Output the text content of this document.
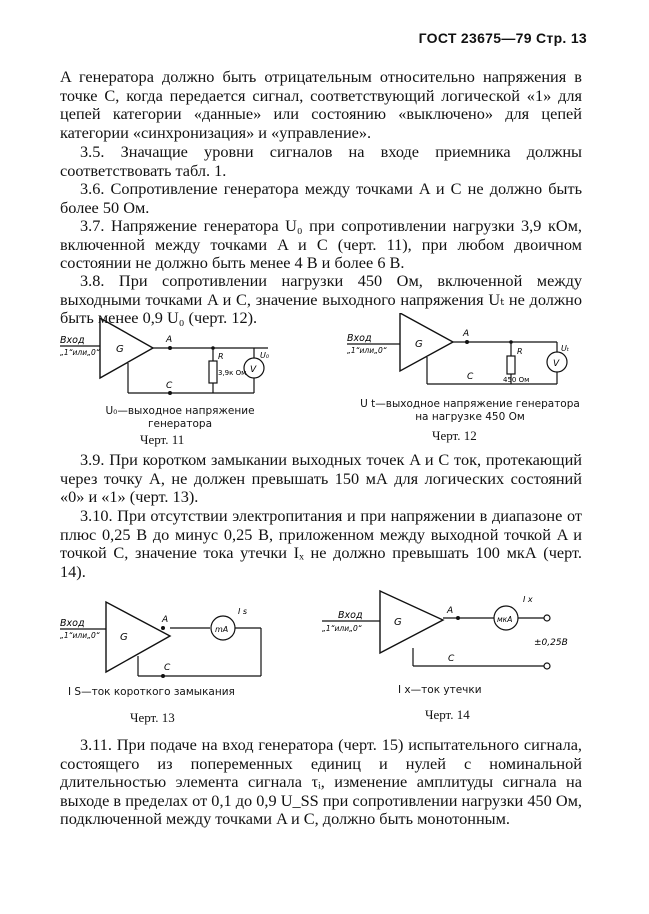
ГОСТ 23675—79 Стр. 13

A генератора должно быть отрицательным относительно напряжения в точке C, когда передается сигнал, соответствующий логической «1» для цепей категории «данные» или состоянию «выключено» для цепей категории «синхронизация» и «управление».

3.5. Значащие уровни сигналов на входе приемника должны соответствовать табл. 1.

3.6. Сопротивление генератора между точками A и C не должно быть более 50 Ом.

3.7. Напряжение генератора U₀ при сопротивлении нагрузки 3,9 кОм, включенной между точками A и C (черт. 11), при любом двоичном состоянии не должно быть менее 4 В и более 6 В.

3.8. При сопротивлении нагрузки 450 Ом, включенной между выходными точками A и C, значение выходного напряжения Uₜ не должно быть менее 0,9 U₀ (черт. 12).

Вход
„1“или„0“ G
A
R
3,9к Ом V
U₀
C
U₀—выходное напряжение генератора
Черт. 11
Вход
„1“или„0“
G
A
R
450 Ом
V
Uₜ
C
U t—выходное напряжение генератора
на нагрузке 450 Ом
Черт. 12

3.9. При коротком замыкании выходных точек A и C ток, протекающий через точку A, не должен превышать 150 мА для логических состояний «0» и «1» (черт. 13).

3.10. При отсутствии электропитания и при напряжении в диапазоне от плюс 0,25 В до минус 0,25 В, приложенном между выходной точкой A и точкой C, значение тока утечки Iₓ не должно превышать 100 мкА (черт. 14).

Вход
„1“или„0“ G
A
mA
I s
C
I S—ток короткого замыкания
Черт. 13
Вход
„1“или„0“
G
A
мкА
I x
±0,25В
C
I x—ток утечки
Черт. 14

3.11. При подаче на вход генератора (черт. 15) испытательного сигнала, состоящего из попеременных единиц и нулей с номинальной длительностью элемента сигнала τᵢ, изменение амплитуды сигнала на выходе в пределах от 0,1 до 0,9 U_SS при сопротивлении нагрузки 450 Ом, подключенной между точками A и C, должно быть монотонным.
